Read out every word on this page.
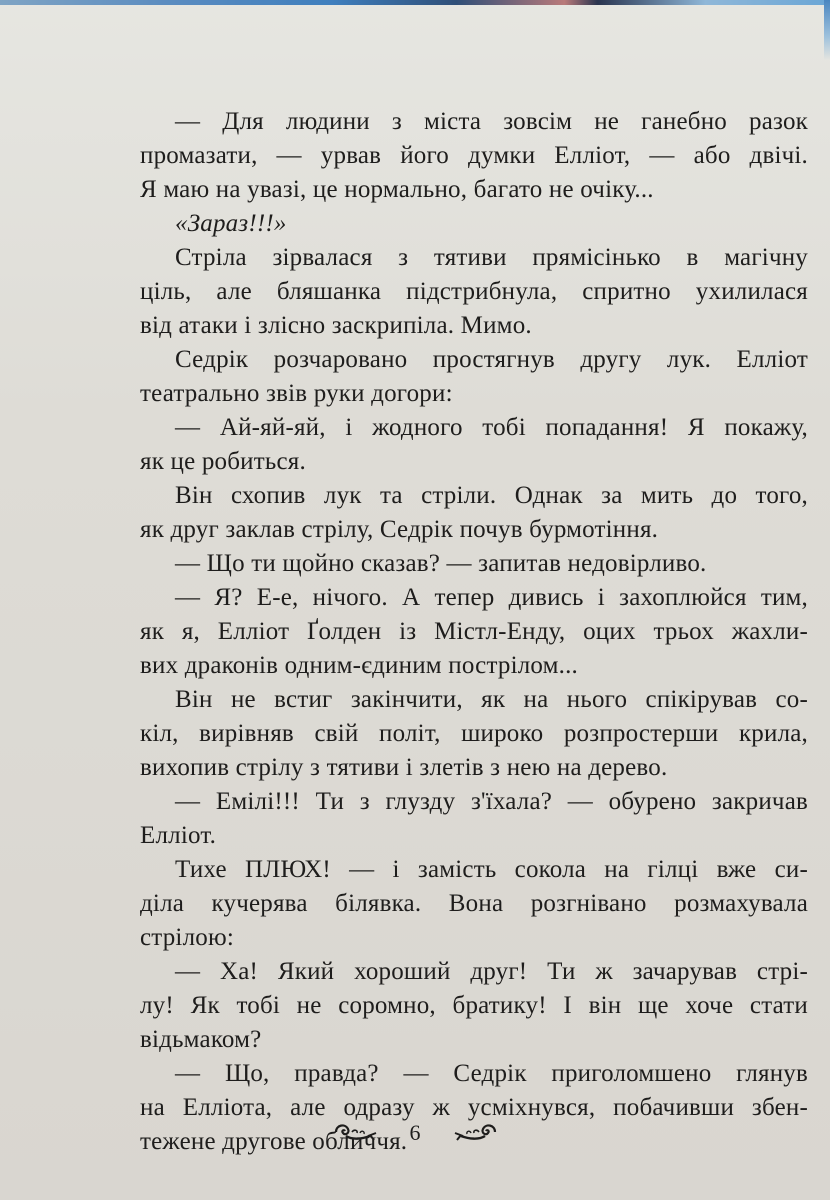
— Для людини з міста зовсім не ганебно разок
промазати, — урвав його думки Елліот, — або двічі.
Я маю на увазі, це нормально, багато не очіку...
«Зараз!!!»
Стріла зірвалася з тятиви прямісінько в магічну
ціль, але бляшанка підстрибнула, спритно ухилилася
від атаки і злісно заскрипіла. Мимо.
Седрік розчаровано простягнув другу лук. Елліот
театрально звів руки догори:
— Ай-яй-яй, і жодного тобі попадання! Я покажу,
як це робиться.
Він схопив лук та стріли. Однак за мить до того,
як друг заклав стрілу, Седрік почув бурмотіння.
— Що ти щойно сказав? — запитав недовірливо.
— Я? Е-е, нічого. А тепер дивись і захоплюйся тим,
як я, Елліот Ґолден із Містл-Енду, оцих трьох жахли-
вих драконів одним-єдиним пострілом...
Він не встиг закінчити, як на нього спікірував со-
кіл, вирівняв свій політ, широко розпростерши крила,
вихопив стрілу з тятиви і злетів з нею на дерево.
— Емілі!!! Ти з глузду з'їхала? — обурено закричав
Елліот.
Тихе ПЛЮХ! — і замість сокола на гілці вже си-
діла кучерява білявка. Вона розгнівано розмахувала
стрілою:
— Ха! Який хороший друг! Ти ж зачарував стрі-
лу! Як тобі не соромно, братику! І він ще хоче стати
відьмаком?
— Що, правда? — Седрік приголомшено глянув
на Елліота, але одразу ж усміхнувся, побачивши збен-
тежене другове обличчя. 6
